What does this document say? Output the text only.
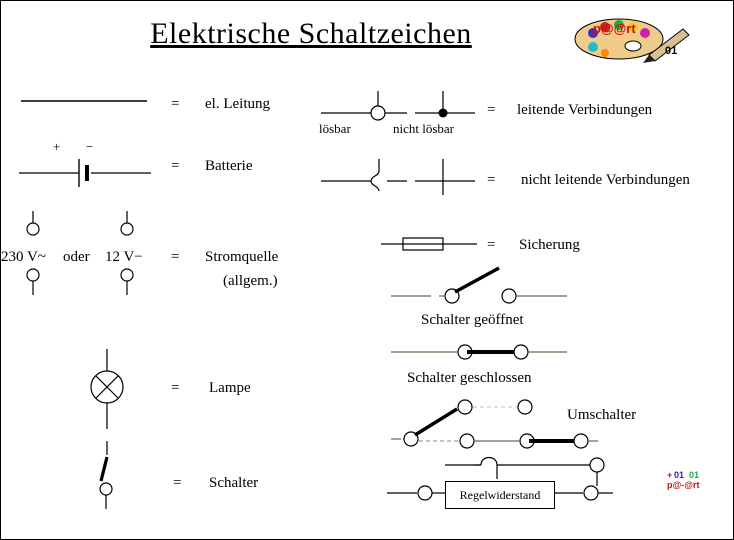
Elektrische Schaltzeichen	p@@rt
01
+ 01 01
p@-@rt
= el. Leitung
+ −
= Batterie
230 V~ oder 12 V− = Stromquelle
(allgem.)
= Lampe
= Schalter
lösbar	nicht lösbar
= leitende Verbindungen
= nicht leitende Verbindungen
= Sicherung
Schalter geöffnet
Schalter geschlossen
Umschalter
Regelwiderstand
